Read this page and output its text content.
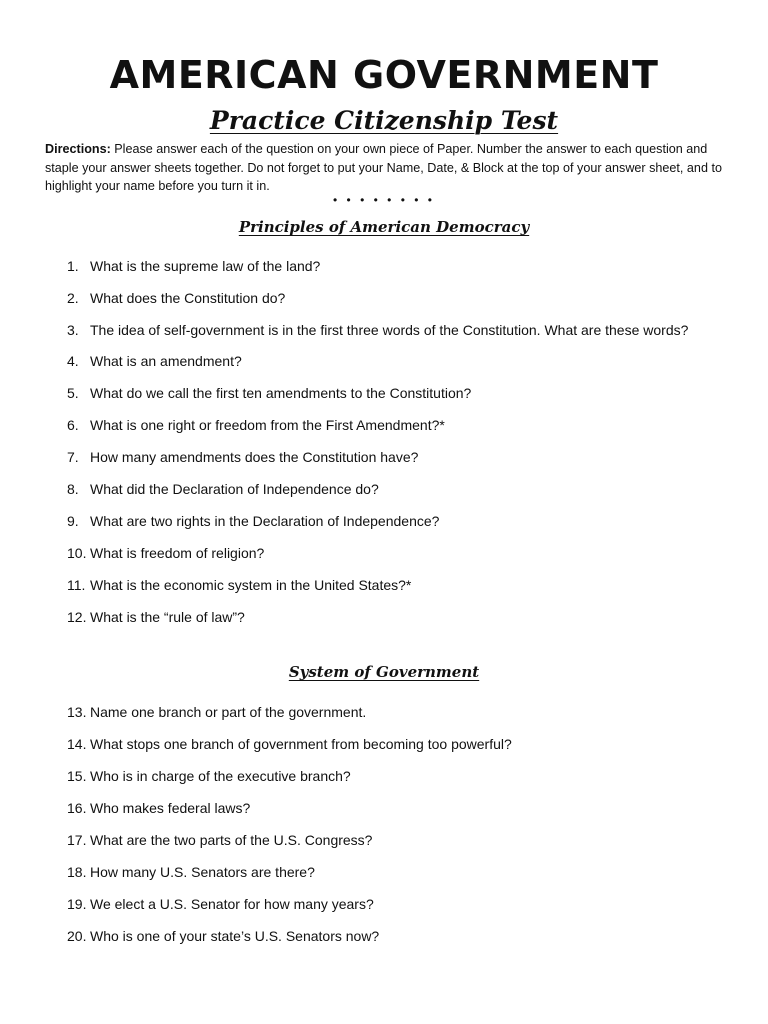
AMERICAN GOVERNMENT
Practice Citizenship Test

Directions: Please answer each of the question on your own piece of Paper. Number the answer to each question and staple your answer sheets together. Do not forget to put your Name, Date, & Block at the top of your answer sheet, and to highlight your name before you turn it in.

• • • • • • • •
Principles of American Democracy
1. What is the supreme law of the land?
2. What does the Constitution do?
3. The idea of self-government is in the first three words of the Constitution. What are these words?
4. What is an amendment?
5. What do we call the first ten amendments to the Constitution?
6. What is one right or freedom from the First Amendment?*
7. How many amendments does the Constitution have?
8. What did the Declaration of Independence do?
9. What are two rights in the Declaration of Independence?
10. What is freedom of religion?
11. What is the economic system in the United States?*
12. What is the “rule of law”?
System of Government
13. Name one branch or part of the government.
14. What stops one branch of government from becoming too powerful?
15. Who is in charge of the executive branch?
16. Who makes federal laws?
17. What are the two parts of the U.S. Congress?
18. How many U.S. Senators are there?
19. We elect a U.S. Senator for how many years?
20. Who is one of your state’s U.S. Senators now?
